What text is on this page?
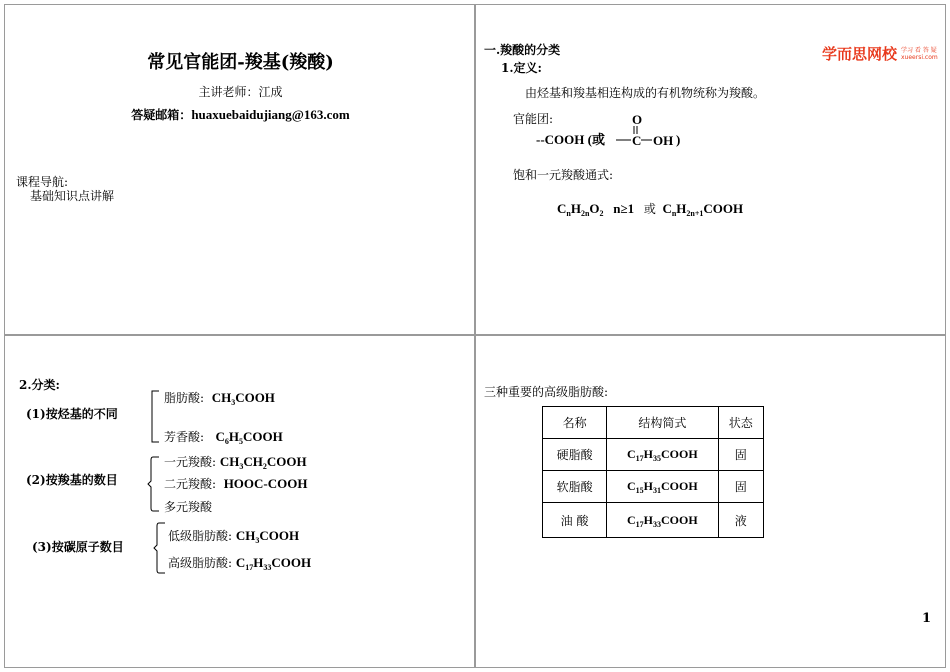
常见官能团-羧基(羧酸)
主讲老师：江成
答疑邮箱：huaxuebaidujiang@163.com
课程导航:
基础知识点讲解
一.羧酸的分类
1.定义:
学而思网校 学习 看 答 疑
xueersi.com
由烃基和羧基相连构成的有机物统称为羧酸。
官能团:
--COOH (或
O
C OH )
饱和一元羧酸通式:
$C_nH_{2n}O_2$ n≥1 或 $C_nH_{2n+1}COOH$
2.分类:
(1)按烃基的不同
脂肪酸: $CH_3COOH$
芳香酸: $C_6H_5COOH$
(2)按羧基的数目
一元羧酸: $CH_3CH_2COOH$
二元羧酸: HOOC-COOH
多元羧酸
(3)按碳原子数目
低级脂肪酸: $CH_3COOH$
高级脂肪酸: $C_{17}H_{33}COOH$
三种重要的高级脂肪酸:
名称	结构简式	状态
硬脂酸	$C_{17}H_{35}COOH$	固
软脂酸	$C_{15}H_{31}COOH$	固
油 酸	$C_{17}H_{33}COOH$	液
1
